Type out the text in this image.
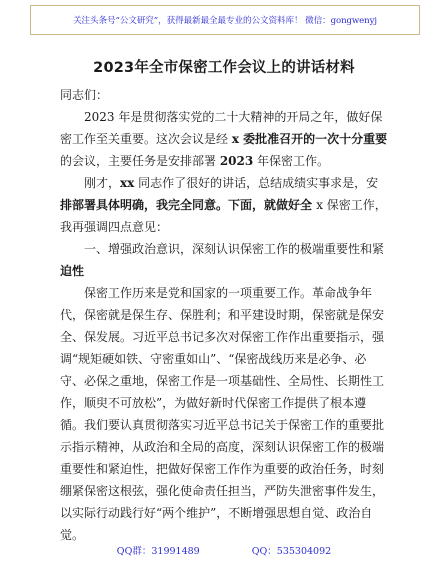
关注头条号“公文研究”，获得最新最全最专业的公文资料库！ 微信：gongwenyj
2023年全市保密工作会议上的讲话材料
同志们：
2023 年是贯彻落实党的二十大精神的开局之年，做好保
密工作至关重要。这次会议是经 x 委批准召开的一次十分重要
的会议，主要任务是安排部署 2023 年保密工作。
刚才，xx 同志作了很好的讲话，总结成绩实事求是，安
排部署具体明确，我完全同意。下面，就做好全 x 保密工作，
我再强调四点意见：
一、增强政治意识，深刻认识保密工作的极端重要性和紧
迫性
保密工作历来是党和国家的一项重要工作。革命战争年
代，保密就是保生存、保胜利；和平建设时期，保密就是保安
全、保发展。习近平总书记多次对保密工作作出重要指示，强
调“规矩硬如铁、守密重如山”、“保密战线历来是必争、必
守、必保之重地，保密工作是一项基础性、全局性、长期性工
作，顺臾不可放松”，为做好新时代保密工作提供了根本遵
循。我们要认真贯彻落实习近平总书记关于保密工作的重要批
示指示精神，从政治和全局的高度，深刻认识保密工作的极端
重要性和紧迫性，把做好保密工作作为重要的政治任务，时刻
绷紧保密这根弦，强化使命责任担当，严防失泄密事件发生，
以实际行动践行好“两个维护”，不断增强思想自觉、政治自
觉。
QQ群：31991489	QQ：535304092
